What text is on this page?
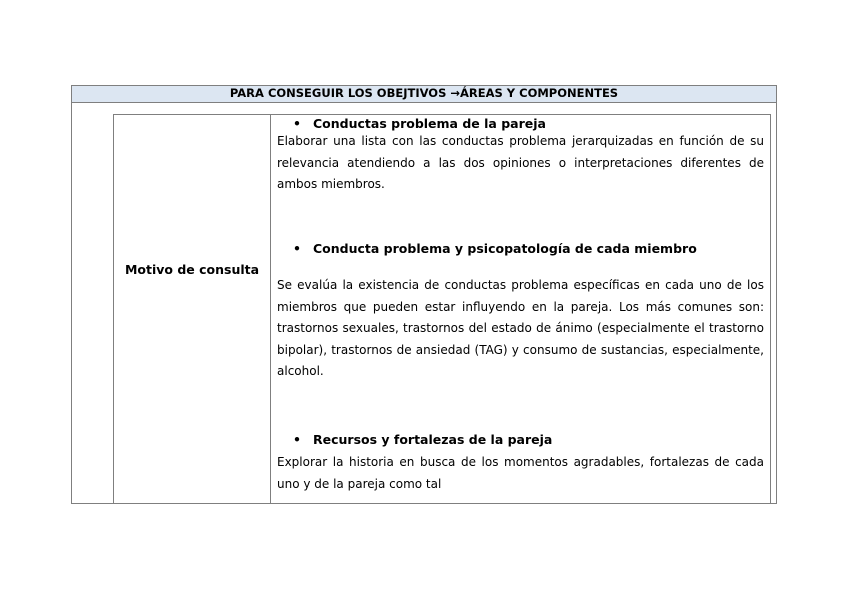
PARA CONSEGUIR LOS OBEJTIVOS →ÁREAS Y COMPONENTES
Motivo de consulta
• Conductas problema de la pareja
Elaborar una lista con las conductas problema jerarquizadas en función de su relevancia atendiendo a las dos opiniones o interpretaciones diferentes de ambos miembros.
• Conducta problema y psicopatología de cada miembro
Se evalúa la existencia de conductas problema específicas en cada uno de los miembros que pueden estar influyendo en la pareja. Los más comunes son: trastornos sexuales, trastornos del estado de ánimo (especialmente el trastorno bipolar), trastornos de ansiedad (TAG) y consumo de sustancias, especialmente, alcohol.
• Recursos y fortalezas de la pareja
Explorar la historia en busca de los momentos agradables, fortalezas de cada uno y de la pareja como tal
